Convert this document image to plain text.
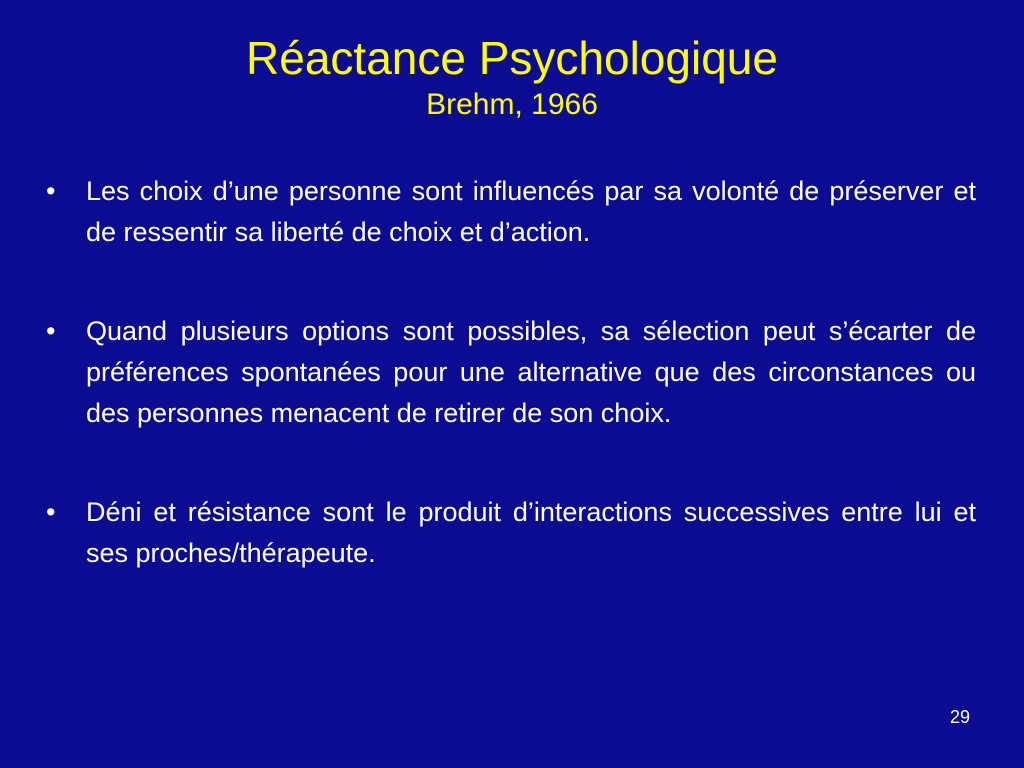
Réactance Psychologique
Brehm, 1966
• Les choix d’une personne sont influencés par sa volonté de préserver et de ressentir sa liberté de choix et d’action.
• Quand plusieurs options sont possibles, sa sélection peut s’écarter de préférences spontanées pour une alternative que des circonstances ou des personnes menacent de retirer de son choix.
• Déni et résistance sont le produit d’interactions successives entre lui et ses proches/thérapeute.
29
